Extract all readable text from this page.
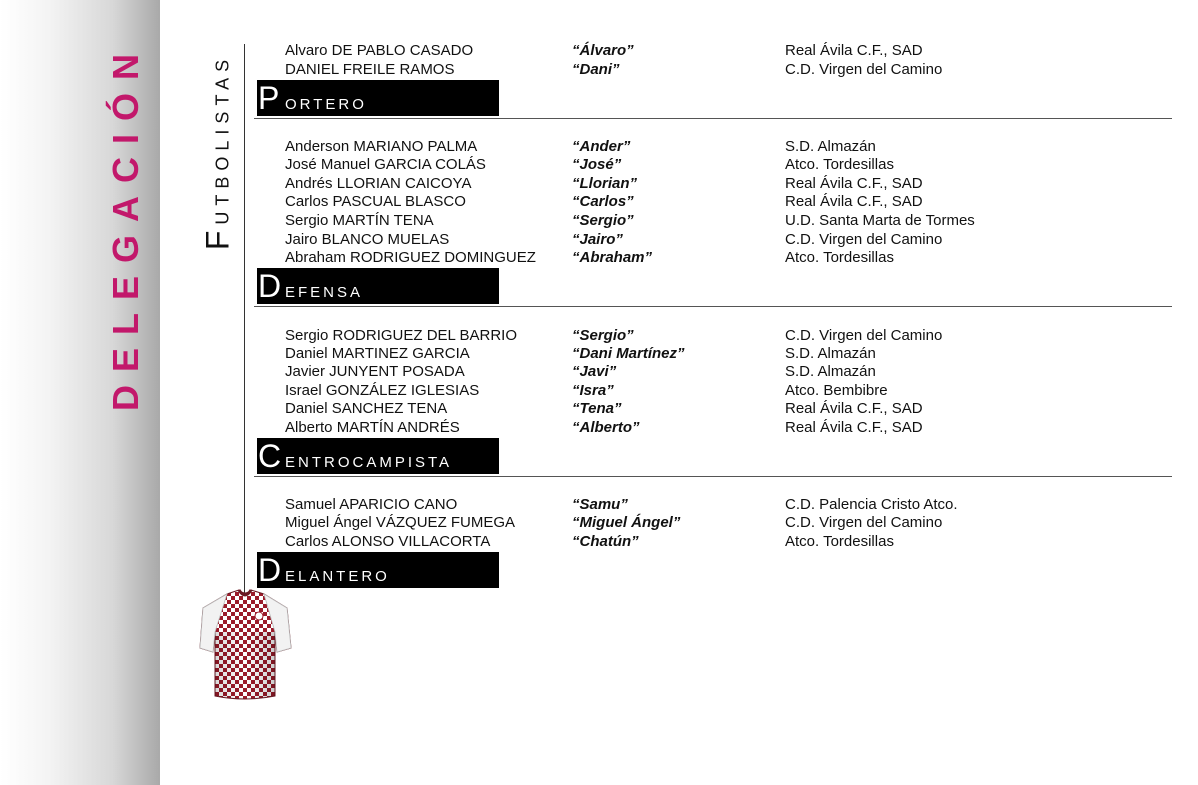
DELEGACIÓN FUTBOLISTAS
Alvaro DE PABLO CASADO	“Álvaro”	Real Ávila C.F., SAD
DANIEL FREILE RAMOS	“Dani”	C.D. Virgen del Camino
P ORTERO
Anderson MARIANO PALMA	“Ander”	S.D. Almazán
José Manuel GARCIA COLÁS	“José”	Atco. Tordesillas
Andrés LLORIAN CAICOYA	“Llorian”	Real Ávila C.F., SAD
Carlos PASCUAL BLASCO	“Carlos”	Real Ávila C.F., SAD
Sergio MARTÍN TENA	“Sergio”	U.D. Santa Marta de Tormes
Jairo BLANCO MUELAS	“Jairo”	C.D. Virgen del Camino
Abraham RODRIGUEZ DOMINGUEZ “Abraham”	Atco. Tordesillas
D EFENSA
Sergio RODRIGUEZ DEL BARRIO	“Sergio”	C.D. Virgen del Camino
Daniel MARTINEZ GARCIA	“Dani Martínez”	S.D. Almazán
Javier JUNYENT POSADA	“Javi”	S.D. Almazán
Israel GONZÁLEZ IGLESIAS	“Isra”	Atco. Bembibre
Daniel SANCHEZ TENA	“Tena”	Real Ávila C.F., SAD
Alberto MARTÍN ANDRÉS	“Alberto”	Real Ávila C.F., SAD
C ENTROCAMPISTA
Samuel APARICIO CANO	“Samu”	C.D. Palencia Cristo Atco.
Miguel Ángel VÁZQUEZ FUMEGA	“Miguel Ángel”	C.D. Virgen del Camino
Carlos ALONSO VILLACORTA	“Chatún”	Atco. Tordesillas
D ELANTERO
